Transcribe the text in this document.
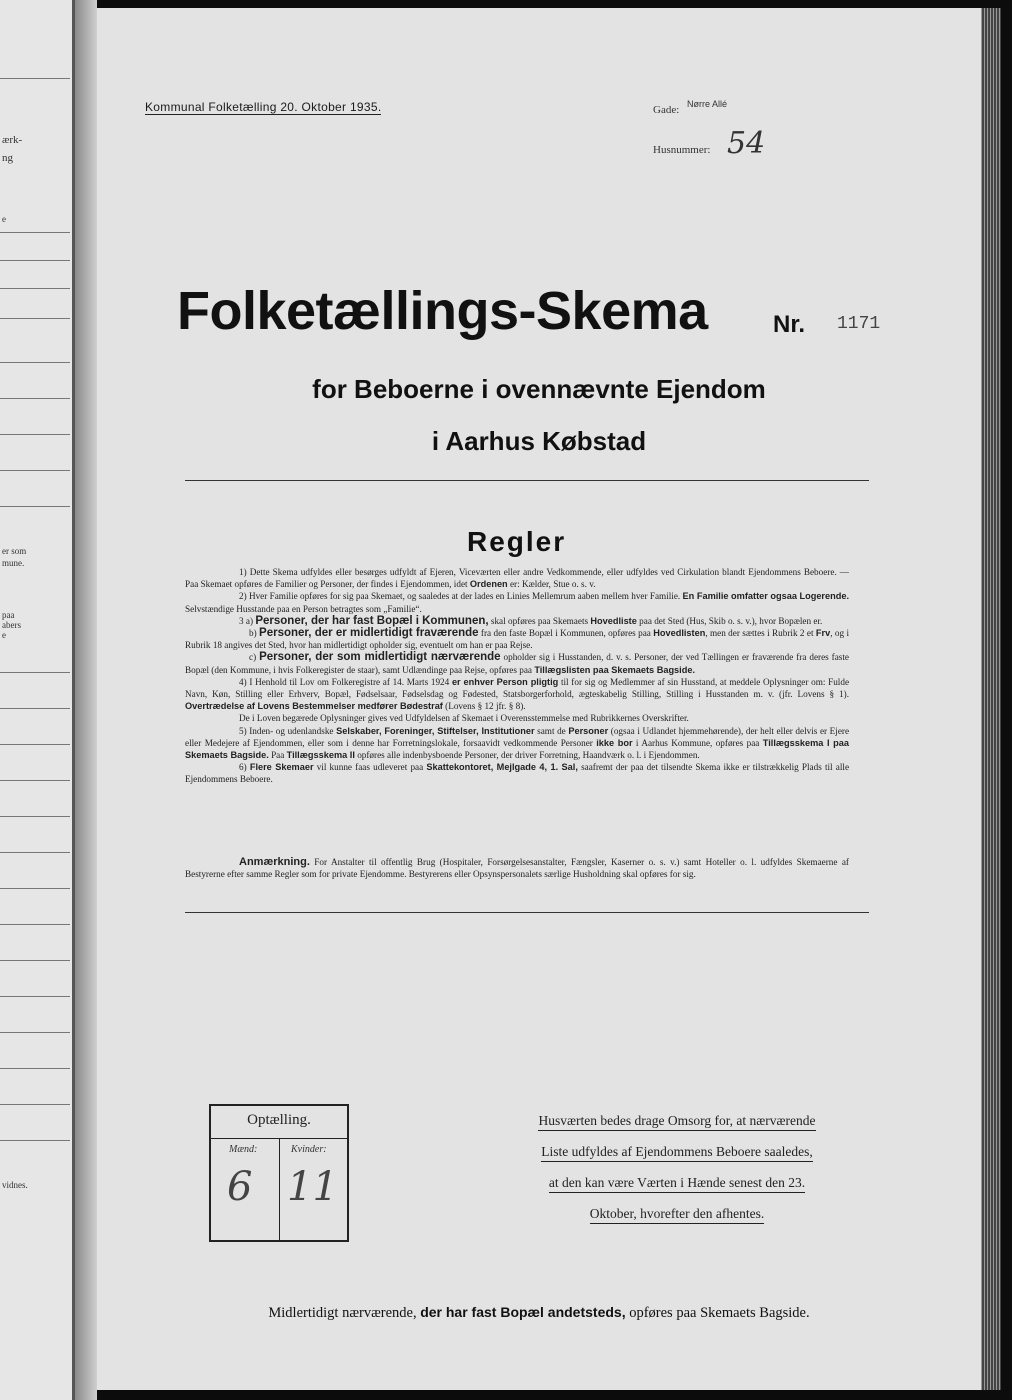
ærk-
ng
e
er som
mune.
paa
abers
e
vidnes.
Kommunal Folketælling 20. Oktober 1935.	Gade: Nørre Allé
Husnummer: 54
Folketællings-Skema	Nr. 1171
for Beboerne i ovennævnte Ejendom
i Aarhus Købstad
Regler

1) Dette Skema udfyldes eller besørges udfyldt af Ejeren, Viceværten eller andre Vedkommende, eller udfyldes ved Cirkulation blandt Ejendommens Beboere. — Paa Skemaet opføres de Familier og Personer, der findes i Ejendommen, idet Ordenen er: Kælder, Stue o. s. v.

2) Hver Familie opføres for sig paa Skemaet, og saaledes at der lades en Linies Mellemrum aaben mellem hver Familie. En Familie omfatter ogsaa Logerende. Selvstændige Husstande paa en Person betragtes som „Familie“.

3 a) Personer, der har fast Bopæl i Kommunen, skal opføres paa Skemaets Hovedliste paa det Sted (Hus, Skib o. s. v.), hvor Bopælen er.

b) Personer, der er midlertidigt fraværende fra den faste Bopæl i Kommunen, opføres paa Hovedlisten, men der sættes i Rubrik 2 et Frv, og i Rubrik 18 angives det Sted, hvor han midlertidigt opholder sig, eventuelt om han er paa Rejse.

c) Personer, der som midlertidigt nærværende opholder sig i Husstanden, d. v. s. Personer, der ved Tællingen er fraværende fra deres faste Bopæl (den Kommune, i hvis Folkeregister de staar), samt Udlændinge paa Rejse, opføres paa Tillægslisten paa Skemaets Bagside.

4) I Henhold til Lov om Folkeregistre af 14. Marts 1924 er enhver Person pligtig til for sig og Medlemmer af sin Husstand, at meddele Oplysninger om: Fulde Navn, Køn, Stilling eller Erhverv, Bopæl, Fødselsaar, Fødselsdag og Fødested, Statsborgerforhold, ægteskabelig Stilling, Stilling i Husstanden m. v. (jfr. Lovens § 1). Overtrædelse af Lovens Bestemmelser medfører Bødestraf (Lovens § 12 jfr. § 8).

De i Loven begærede Oplysninger gives ved Udfyldelsen af Skemaet i Overensstemmelse med Rubrikkernes Overskrifter.

5) Inden- og udenlandske Selskaber, Foreninger, Stiftelser, Institutioner samt de Personer (ogsaa i Udlandet hjemmehørende), der helt eller delvis er Ejere eller Medejere af Ejendommen, eller som i denne har Forretningslokale, forsaavidt vedkommende Personer ikke bor i Aarhus Kommune, opføres paa Tillægsskema I paa Skemaets Bagside. Paa Tillægsskema II opføres alle indenbysboende Personer, der driver Forretning, Haandværk o. l. i Ejendommen.

6) Flere Skemaer vil kunne faas udleveret paa Skattekontoret, Mejlgade 4, 1. Sal, saafremt der paa det tilsendte Skema ikke er tilstrækkelig Plads til alle Ejendommens Beboere.

Anmærkning. For Anstalter til offentlig Brug (Hospitaler, Forsørgelsesanstalter, Fængsler, Kaserner o. s. v.) samt Hoteller o. l. udfyldes Skemaerne af Bestyrerne efter samme Regler som for private Ejendomme. Bestyrerens eller Opsynspersonalets særlige Husholdning skal opføres for sig.

Optælling.
Mænd:	Kvinder:
6 11
Husværten bedes drage Omsorg for, at nærværende
Liste udfyldes af Ejendommens Beboere saaledes,
at den kan være Værten i Hænde senest den 23.
Oktober, hvorefter den afhentes.
Midlertidigt nærværende, der har fast Bopæl andetsteds, opføres paa Skemaets Bagside.
